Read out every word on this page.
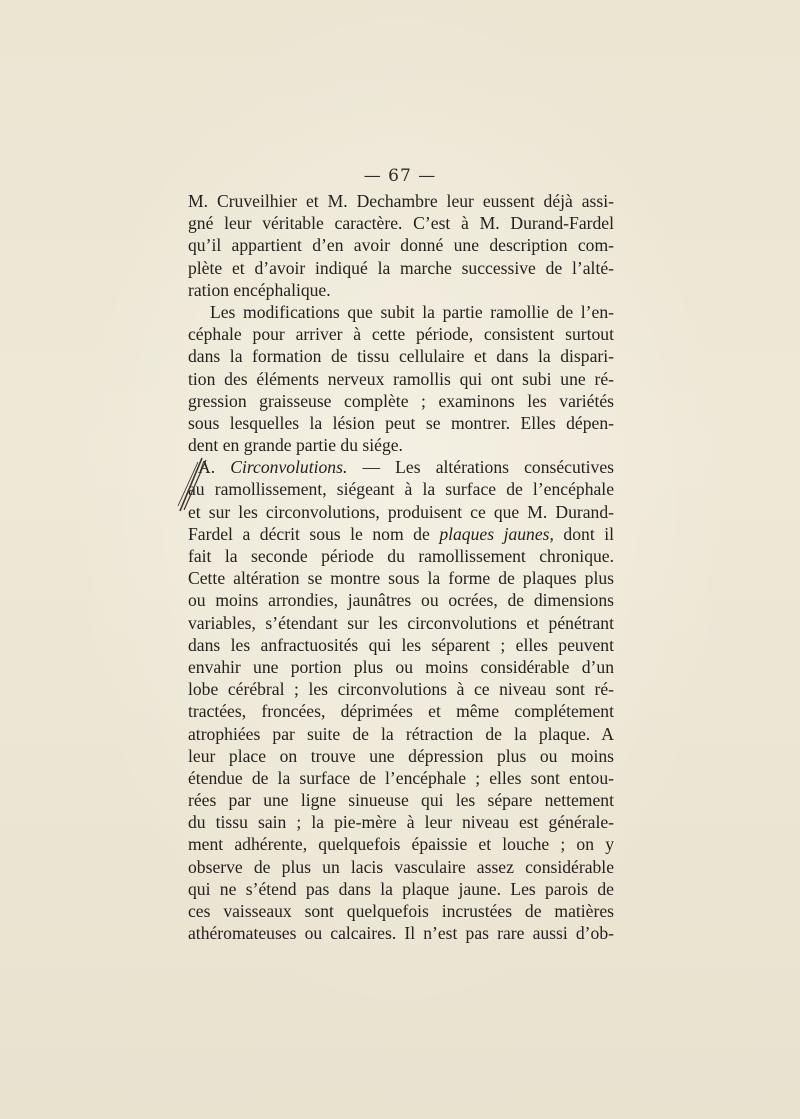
— 67 —
M. Cruveilhier et M. Dechambre leur eussent déjà assi-
gné leur véritable caractère. C’est à M. Durand-Fardel
qu’il appartient d’en avoir donné une description com-
plète et d’avoir indiqué la marche successive de l’alté-
ration encéphalique.
Les modifications que subit la partie ramollie de l’en-
céphale pour arriver à cette période, consistent surtout
dans la formation de tissu cellulaire et dans la dispari-
tion des éléments nerveux ramollis qui ont subi une ré-
gression graisseuse complète ; examinons les variétés
sous lesquelles la lésion peut se montrer. Elles dépen-
dent en grande partie du siége.
A. Circonvolutions. — Les altérations consécutives
au ramollissement, siégeant à la surface de l’encéphale
et sur les circonvolutions, produisent ce que M. Durand-
Fardel a décrit sous le nom de plaques jaunes, dont il
fait la seconde période du ramollissement chronique.
Cette altération se montre sous la forme de plaques plus
ou moins arrondies, jaunâtres ou ocrées, de dimensions
variables, s’étendant sur les circonvolutions et pénétrant
dans les anfractuosités qui les séparent ; elles peuvent
envahir une portion plus ou moins considérable d’un
lobe cérébral ; les circonvolutions à ce niveau sont ré-
tractées, froncées, déprimées et même complétement
atrophiées par suite de la rétraction de la plaque. A
leur place on trouve une dépression plus ou moins
étendue de la surface de l’encéphale ; elles sont entou-
rées par une ligne sinueuse qui les sépare nettement
du tissu sain ; la pie-mère à leur niveau est générale-
ment adhérente, quelquefois épaissie et louche ; on y
observe de plus un lacis vasculaire assez considérable
qui ne s’étend pas dans la plaque jaune. Les parois de
ces vaisseaux sont quelquefois incrustées de matières
athéromateuses ou calcaires. Il n’est pas rare aussi d’ob-
